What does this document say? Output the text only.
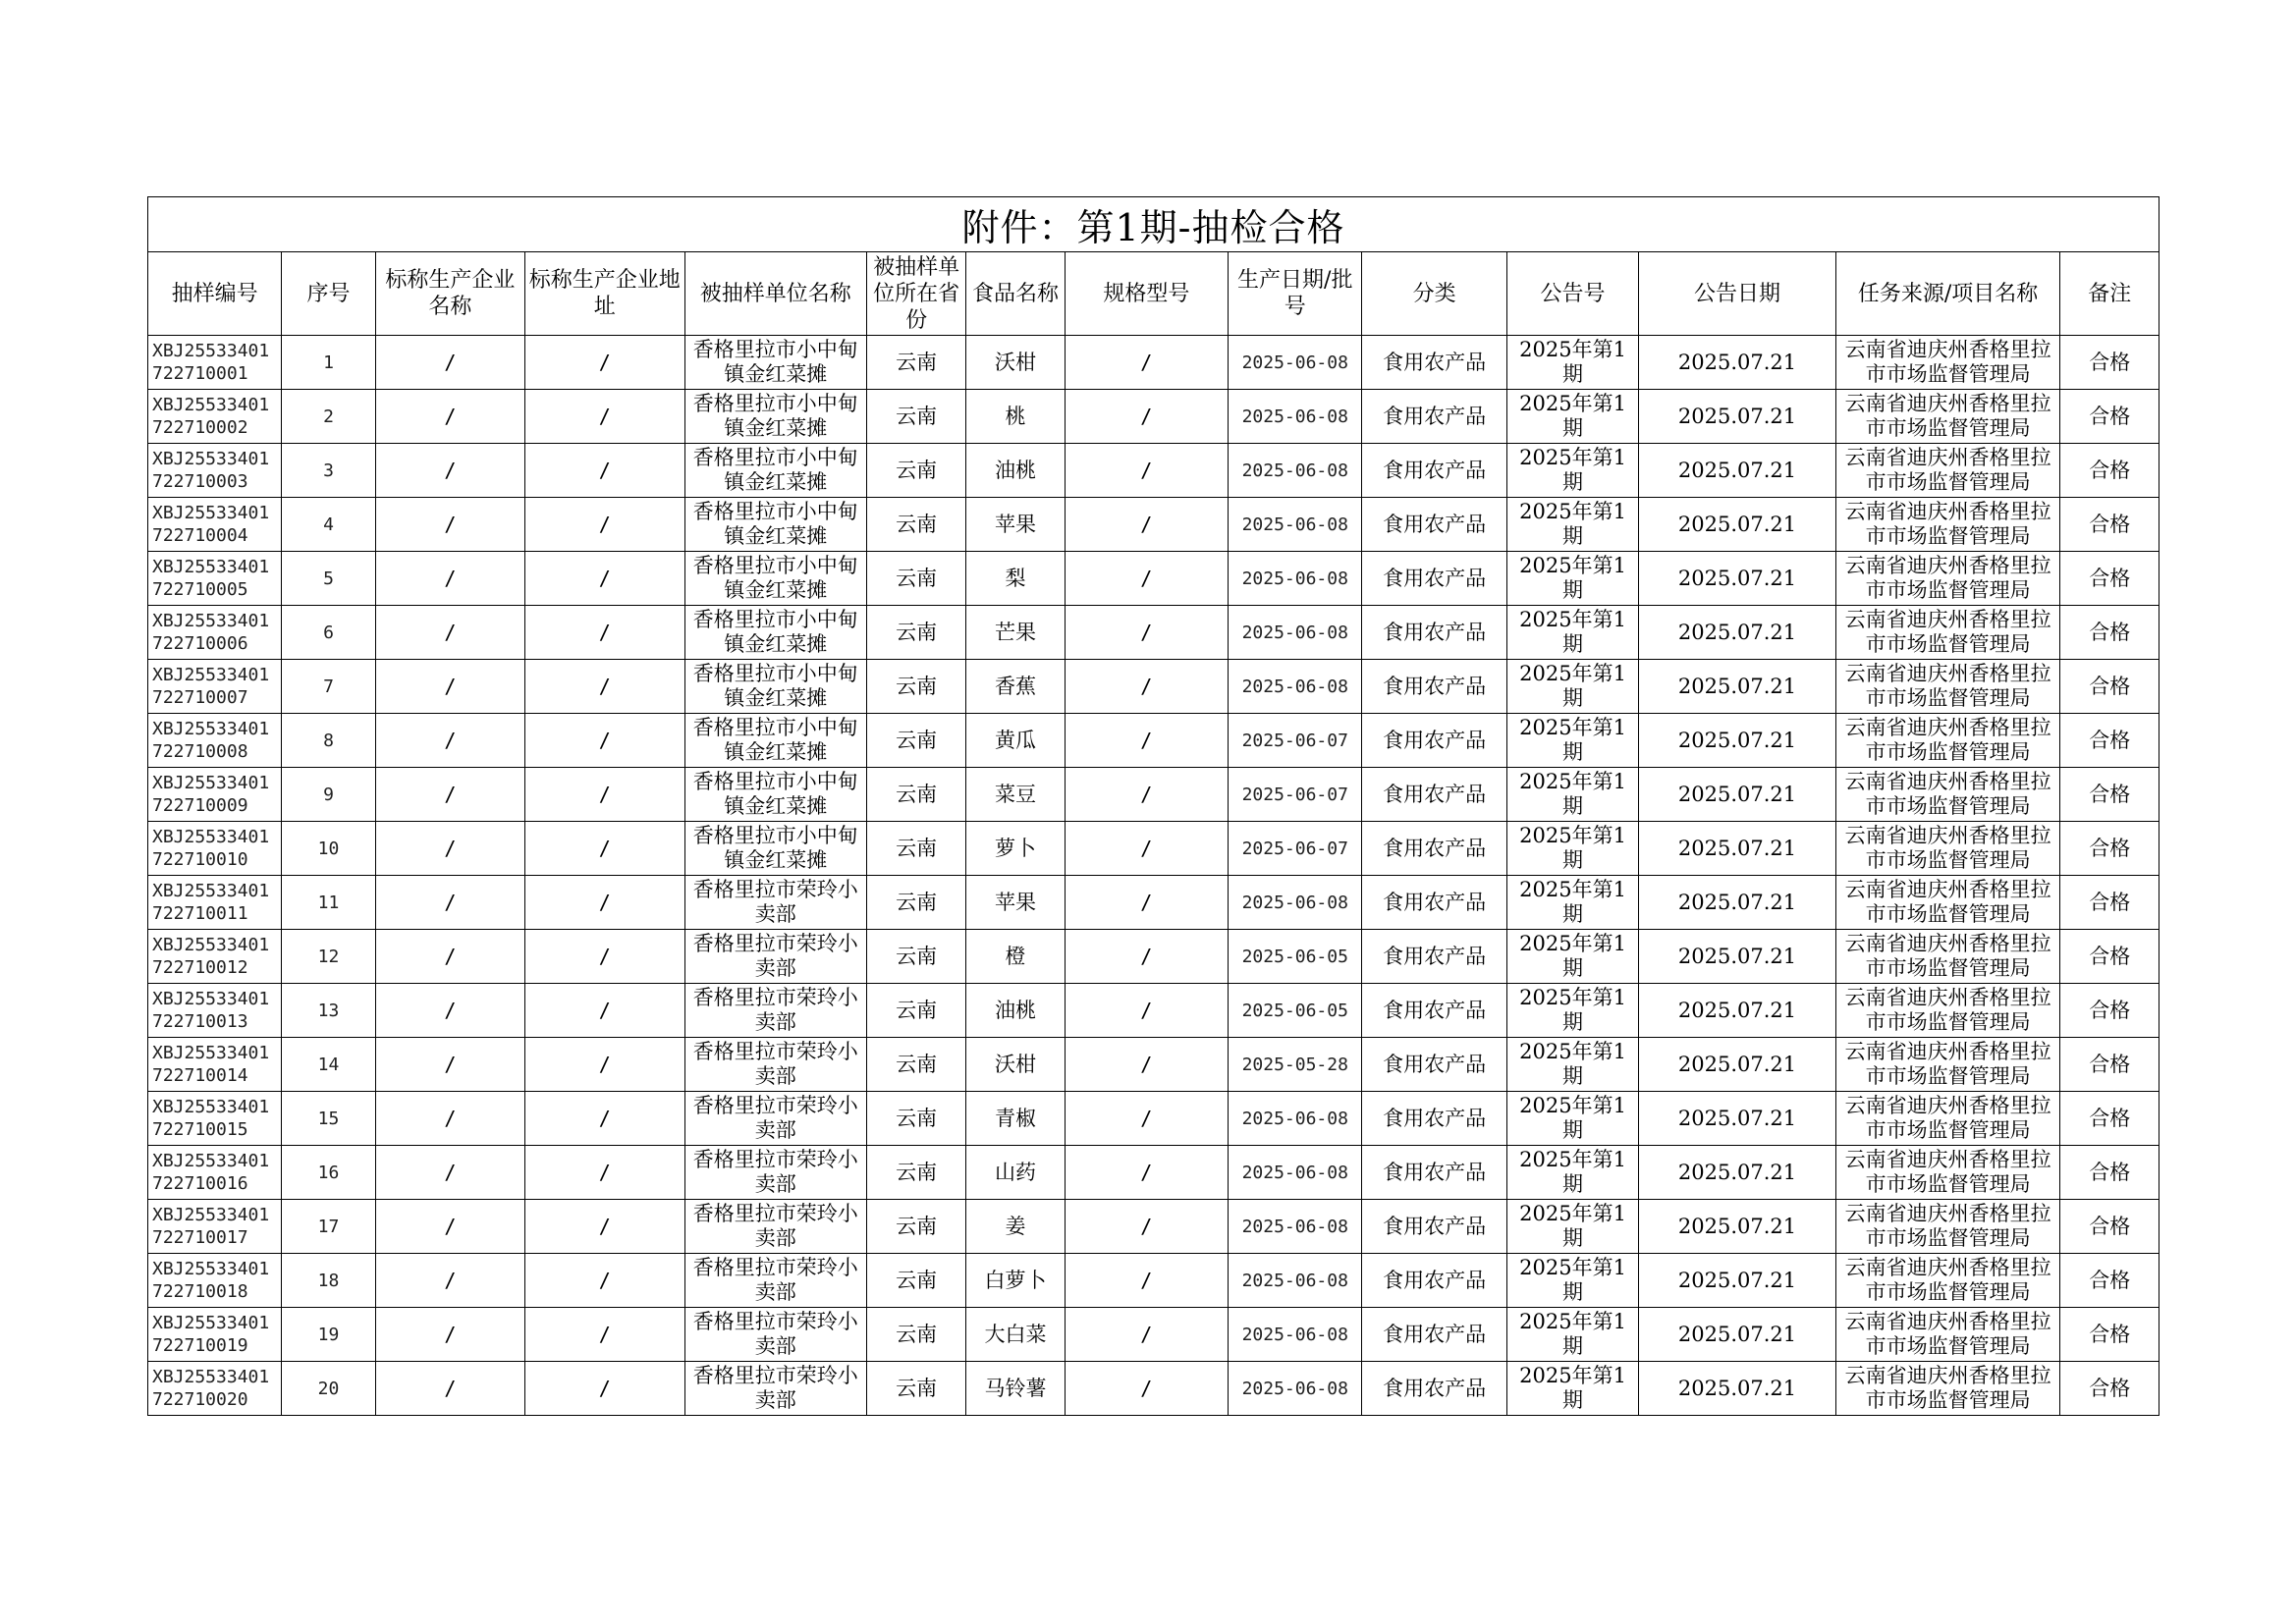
附件：第1期-抽检合格													
抽样编号	序号	标称生产企业名称	标称生产企业地址	被抽样单位名称	被抽样单位所在省份	食品名称	规格型号	生产日期/批号	分类	公告号	公告日期	任务来源/项目名称	备注
XBJ25533401722710001	1	/	/	香格里拉市小中甸镇金红菜摊	云南	沃柑	/	2025-06-08	食用农产品	2025年第1期	2025.07.21	云南省迪庆州香格里拉市市场监督管理局	合格
XBJ25533401722710002	2	/	/	香格里拉市小中甸镇金红菜摊	云南	桃	/	2025-06-08	食用农产品	2025年第1期	2025.07.21	云南省迪庆州香格里拉市市场监督管理局	合格
XBJ25533401722710003	3	/	/	香格里拉市小中甸镇金红菜摊	云南	油桃	/	2025-06-08	食用农产品	2025年第1期	2025.07.21	云南省迪庆州香格里拉市市场监督管理局	合格
XBJ25533401722710004	4	/	/	香格里拉市小中甸镇金红菜摊	云南	苹果	/	2025-06-08	食用农产品	2025年第1期	2025.07.21	云南省迪庆州香格里拉市市场监督管理局	合格
XBJ25533401722710005	5	/	/	香格里拉市小中甸镇金红菜摊	云南	梨	/	2025-06-08	食用农产品	2025年第1期	2025.07.21	云南省迪庆州香格里拉市市场监督管理局	合格
XBJ25533401722710006	6	/	/	香格里拉市小中甸镇金红菜摊	云南	芒果	/	2025-06-08	食用农产品	2025年第1期	2025.07.21	云南省迪庆州香格里拉市市场监督管理局	合格
XBJ25533401722710007	7	/	/	香格里拉市小中甸镇金红菜摊	云南	香蕉	/	2025-06-08	食用农产品	2025年第1期	2025.07.21	云南省迪庆州香格里拉市市场监督管理局	合格
XBJ25533401722710008	8	/	/	香格里拉市小中甸镇金红菜摊	云南	黄瓜	/	2025-06-07	食用农产品	2025年第1期	2025.07.21	云南省迪庆州香格里拉市市场监督管理局	合格
XBJ25533401722710009	9	/	/	香格里拉市小中甸镇金红菜摊	云南	菜豆	/	2025-06-07	食用农产品	2025年第1期	2025.07.21	云南省迪庆州香格里拉市市场监督管理局	合格
XBJ25533401722710010	10	/	/	香格里拉市小中甸镇金红菜摊	云南	萝卜	/	2025-06-07	食用农产品	2025年第1期	2025.07.21	云南省迪庆州香格里拉市市场监督管理局	合格
XBJ25533401722710011	11	/	/	香格里拉市荣玲小卖部	云南	苹果	/	2025-06-08	食用农产品	2025年第1期	2025.07.21	云南省迪庆州香格里拉市市场监督管理局	合格
XBJ25533401722710012	12	/	/	香格里拉市荣玲小卖部	云南	橙	/	2025-06-05	食用农产品	2025年第1期	2025.07.21	云南省迪庆州香格里拉市市场监督管理局	合格
XBJ25533401722710013	13	/	/	香格里拉市荣玲小卖部	云南	油桃	/	2025-06-05	食用农产品	2025年第1期	2025.07.21	云南省迪庆州香格里拉市市场监督管理局	合格
XBJ25533401722710014	14	/	/	香格里拉市荣玲小卖部	云南	沃柑	/	2025-05-28	食用农产品	2025年第1期	2025.07.21	云南省迪庆州香格里拉市市场监督管理局	合格
XBJ25533401722710015	15	/	/	香格里拉市荣玲小卖部	云南	青椒	/	2025-06-08	食用农产品	2025年第1期	2025.07.21	云南省迪庆州香格里拉市市场监督管理局	合格
XBJ25533401722710016	16	/	/	香格里拉市荣玲小卖部	云南	山药	/	2025-06-08	食用农产品	2025年第1期	2025.07.21	云南省迪庆州香格里拉市市场监督管理局	合格
XBJ25533401722710017	17	/	/	香格里拉市荣玲小卖部	云南	姜	/	2025-06-08	食用农产品	2025年第1期	2025.07.21	云南省迪庆州香格里拉市市场监督管理局	合格
XBJ25533401722710018	18	/	/	香格里拉市荣玲小卖部	云南	白萝卜	/	2025-06-08	食用农产品	2025年第1期	2025.07.21	云南省迪庆州香格里拉市市场监督管理局	合格
XBJ25533401722710019	19	/	/	香格里拉市荣玲小卖部	云南	大白菜	/	2025-06-08	食用农产品	2025年第1期	2025.07.21	云南省迪庆州香格里拉市市场监督管理局	合格
XBJ25533401722710020	20	/	/	香格里拉市荣玲小卖部	云南	马铃薯	/	2025-06-08	食用农产品	2025年第1期	2025.07.21	云南省迪庆州香格里拉市市场监督管理局	合格
